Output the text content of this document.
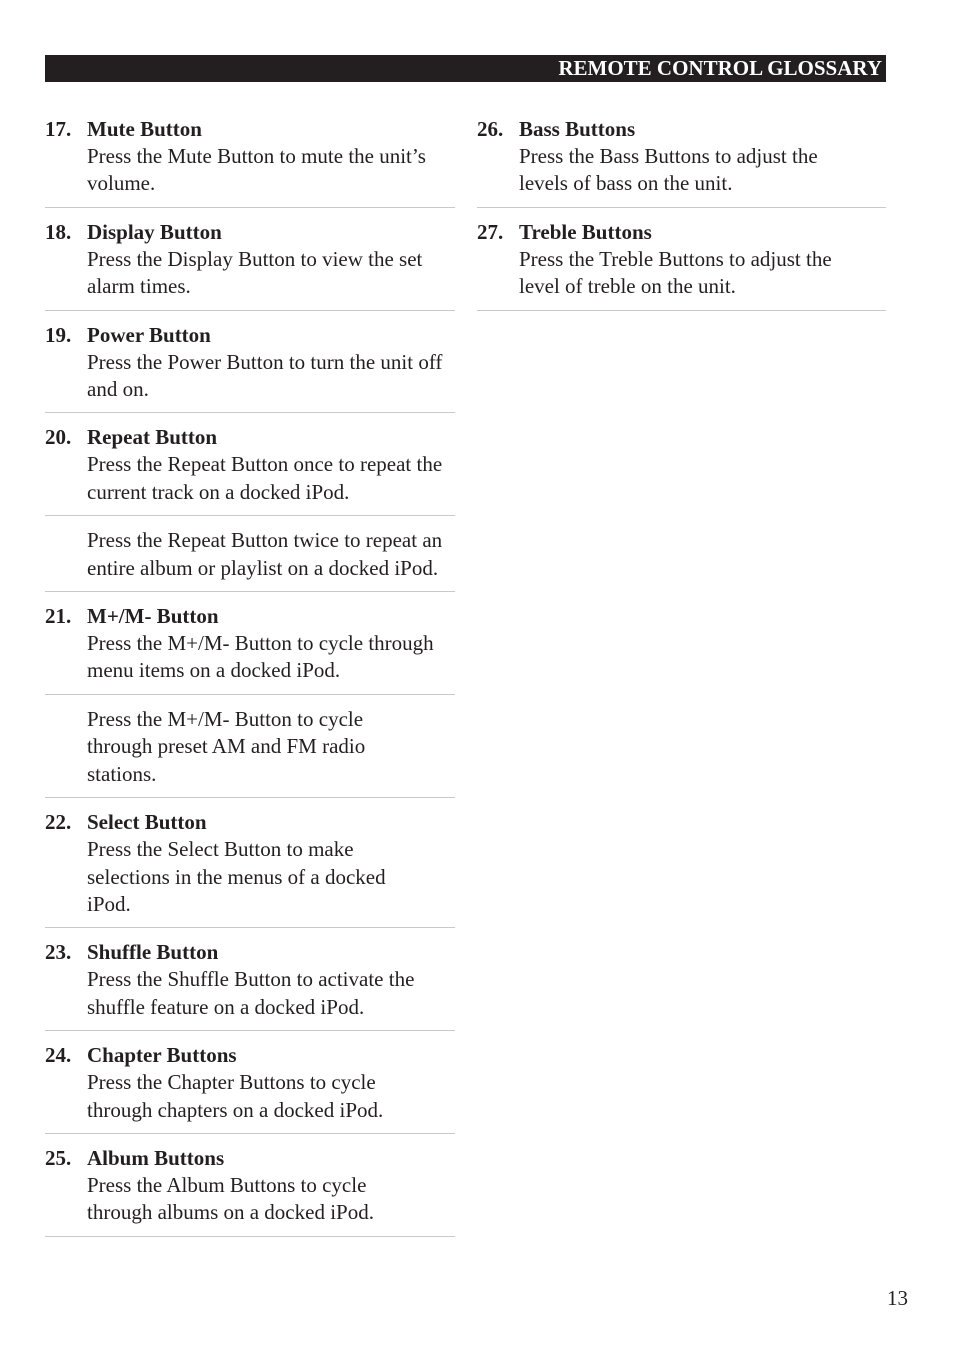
REMOTE CONTROL GLOSSARY
17. Mute Button
Press the Mute Button to mute the unit’s volume.
18. Display Button
Press the Display Button to view the set alarm times.
19. Power Button
Press the Power Button to turn the unit off and on.
20. Repeat Button
Press the Repeat Button once to repeat the current track on a docked iPod.
Press the Repeat Button twice to repeat an entire album or playlist on a docked iPod.
21. M+/M- Button
Press the M+/M- Button to cycle through menu items on a docked iPod.
Press the M+/M- Button to cycle through preset AM and FM radio stations.
22. Select Button
Press the Select Button to make selections in the menus of a docked iPod.
23. Shuffle Button
Press the Shuffle Button to activate the shuffle feature on a docked iPod.
24. Chapter Buttons
Press the Chapter Buttons to cycle through chapters on a docked iPod.
25. Album Buttons
Press the Album Buttons to cycle through albums on a docked iPod.
26. Bass Buttons
Press the Bass Buttons to adjust the levels of bass on the unit.
27. Treble Buttons
Press the Treble Buttons to adjust the level of treble on the unit.
13
